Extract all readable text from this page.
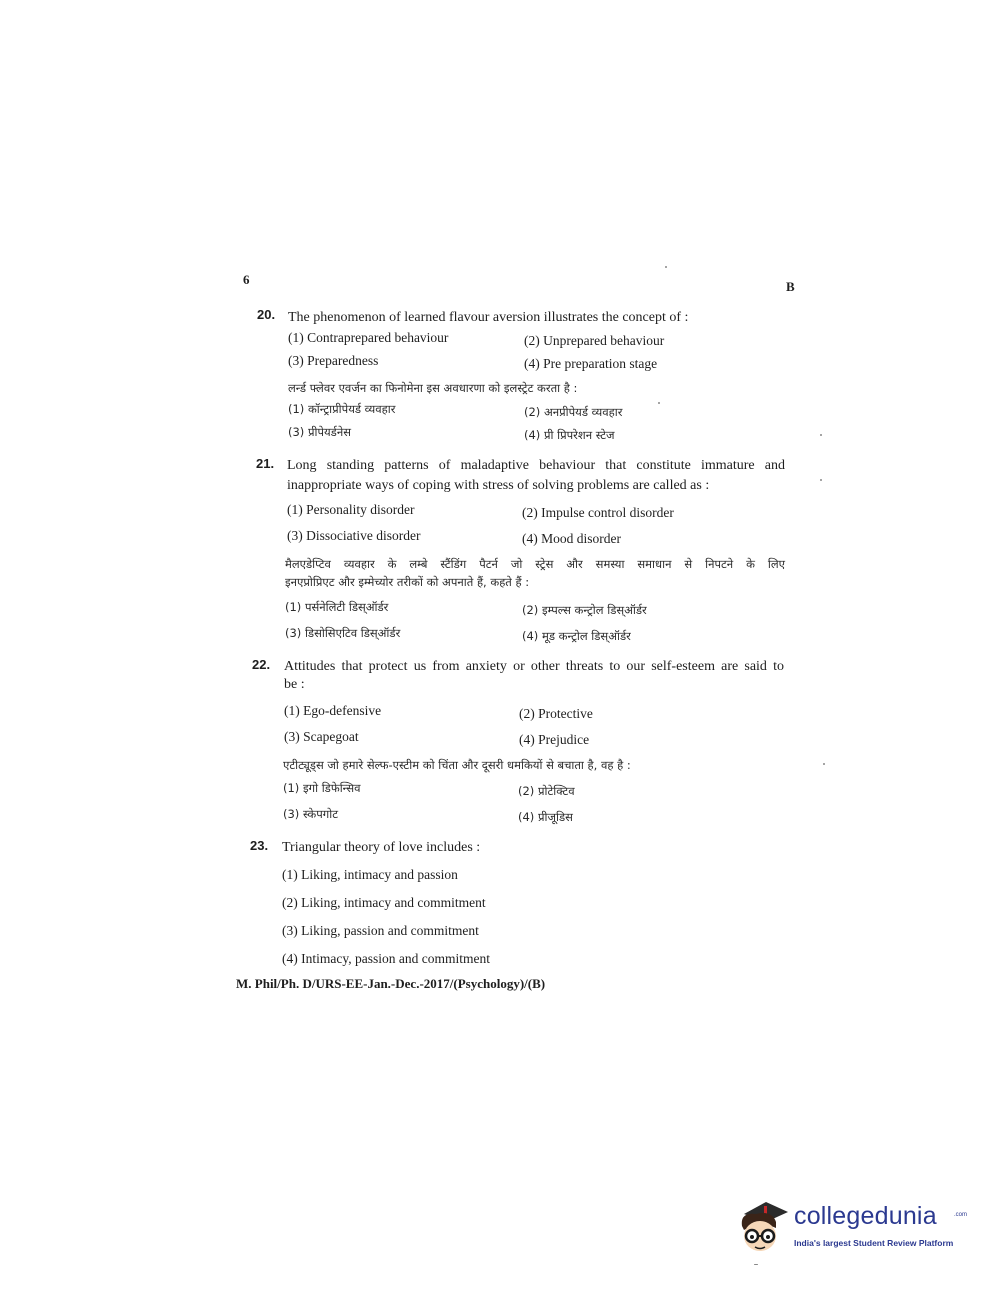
6	B
20. The phenomenon of learned flavour aversion illustrates the concept of :
(1) Contraprepared behaviour	(2) Unprepared behaviour
(3) Preparedness	(4) Pre preparation stage
लर्न्ड फ्लेवर एवर्जन का फिनोमेना इस अवधारणा को इलस्ट्रेट करता है :
(1) कॉन्ट्राप्रीपेयर्ड व्यवहार	(2) अनप्रीपेयर्ड व्यवहार
(3) प्रीपेयर्डनेस	(4) प्री प्रिपरेशन स्टेज
21. Long standing patterns of maladaptive behaviour that constitute immature and
inappropriate ways of coping with stress of solving problems are called as :
(1) Personality disorder	(2) Impulse control disorder
(3) Dissociative disorder	(4) Mood disorder
मैलएडेप्टिव व्यवहार के लम्बे स्टैंडिंग पैटर्न जो स्ट्रेस और समस्या समाधान से निपटने के लिए
इनएप्रोप्रिएट और इम्मेच्योर तरीकों को अपनाते हैं, कहते हैं :
(1) पर्सनेलिटी डिस्ऑर्डर	(2) इम्पल्स कन्ट्रोल डिस्ऑर्डर
(3) डिसोसिएटिव डिस्ऑर्डर	(4) मूड कन्ट्रोल डिस्ऑर्डर
22. Attitudes that protect us from anxiety or other threats to our self-esteem are said to
be :
(1) Ego-defensive	(2) Protective
(3) Scapegoat	(4) Prejudice
एटीट्यूड्स जो हमारे सेल्फ-एस्टीम को चिंता और दूसरी धमकियों से बचाता है, वह है :
(1) इगो डिफेन्सिव	(2) प्रोटेक्टिव
(3) स्केपगोट	(4) प्रीजूडिस
23. Triangular theory of love includes :
(1) Liking, intimacy and passion
(2) Liking, intimacy and commitment
(3) Liking, passion and commitment
(4) Intimacy, passion and commitment
M. Phil/Ph. D/URS-EE-Jan.-Dec.-2017/(Psychology)/(B)
collegedunia	.com
India's largest Student Review Platform
